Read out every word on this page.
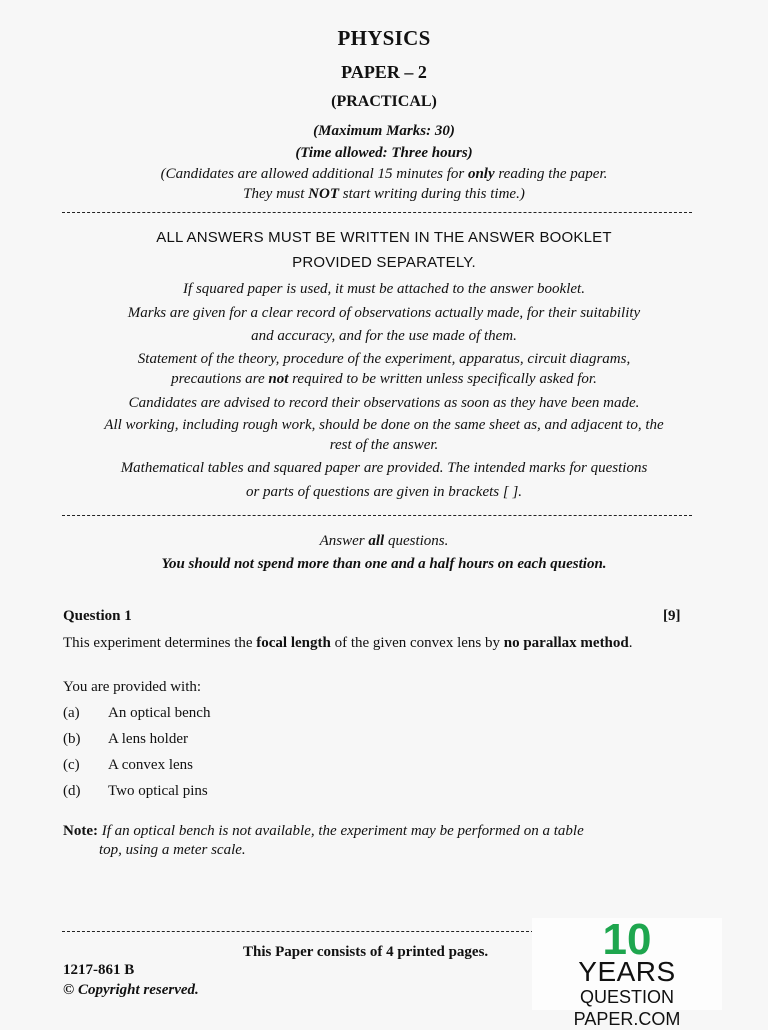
PHYSICS
PAPER – 2
(PRACTICAL)
(Maximum Marks: 30)
(Time allowed: Three hours)
(Candidates are allowed additional 15 minutes for only reading the paper.
They must NOT start writing during this time.)
ALL ANSWERS MUST BE WRITTEN IN THE ANSWER BOOKLET
PROVIDED SEPARATELY.
If squared paper is used, it must be attached to the answer booklet.
Marks are given for a clear record of observations actually made, for their suitability
and accuracy, and for the use made of them.
Statement of the theory, procedure of the experiment, apparatus, circuit diagrams,
precautions are not required to be written unless specifically asked for.
Candidates are advised to record their observations as soon as they have been made.
All working, including rough work, should be done on the same sheet as, and adjacent to, the
rest of the answer.
Mathematical tables and squared paper are provided. The intended marks for questions
or parts of questions are given in brackets [ ].
Answer all questions.
You should not spend more than one and a half hours on each question.
Question 1	[9]
This experiment determines the focal length of the given convex lens by no parallax method.
You are provided with:
(a) An optical bench
(b) A lens holder
(c) A convex lens
(d) Two optical pins
Note: If an optical bench is not available, the experiment may be performed on a table
top, using a meter scale.
This Paper consists of 4 printed pages.
1217-861 B
© Copyright reserved.
10
YEARS
QUESTION PAPER.COM
